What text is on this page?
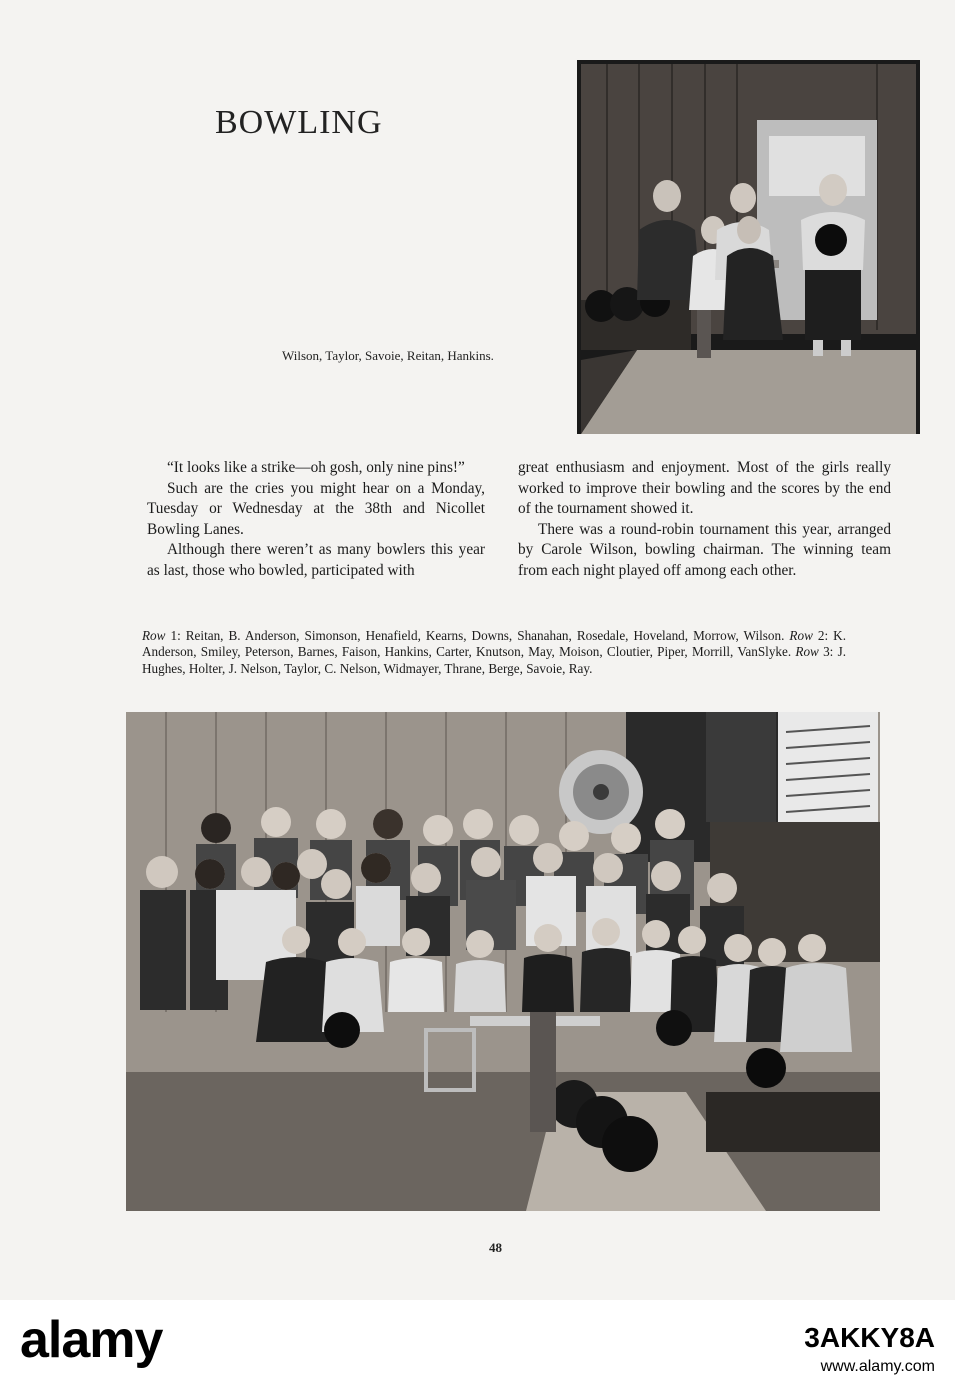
BOWLING
Wilson, Taylor, Savoie, Reitan, Hankins.

“It looks like a strike—oh gosh, only nine pins!”

Such are the cries you might hear on a Monday, Tuesday or Wednesday at the 38th and Nicollet Bowling Lanes.

Although there weren’t as many bowlers this year as last, those who bowled, participated with

great enthusiasm and enjoyment. Most of the girls really worked to improve their bowling and the scores by the end of the tournament showed it.

There was a round-robin tournament this year, arranged by Carole Wilson, bowling chairman. The winning team from each night played off among each other.

Row 1: Reitan, B. Anderson, Simonson, Henafield, Kearns, Downs, Shanahan, Rosedale, Hoveland, Morrow, Wilson. Row 2: K. Anderson, Smiley, Peterson, Barnes, Faison, Hankins, Carter, Knutson, May, Moison, Cloutier, Piper, Morrill, VanSlyke. Row 3: J. Hughes, Holter, J. Nelson, Taylor, C. Nelson, Widmayer, Thrane, Berge, Savoie, Ray.
48
alamy	3AKKY8A
www.alamy.com
